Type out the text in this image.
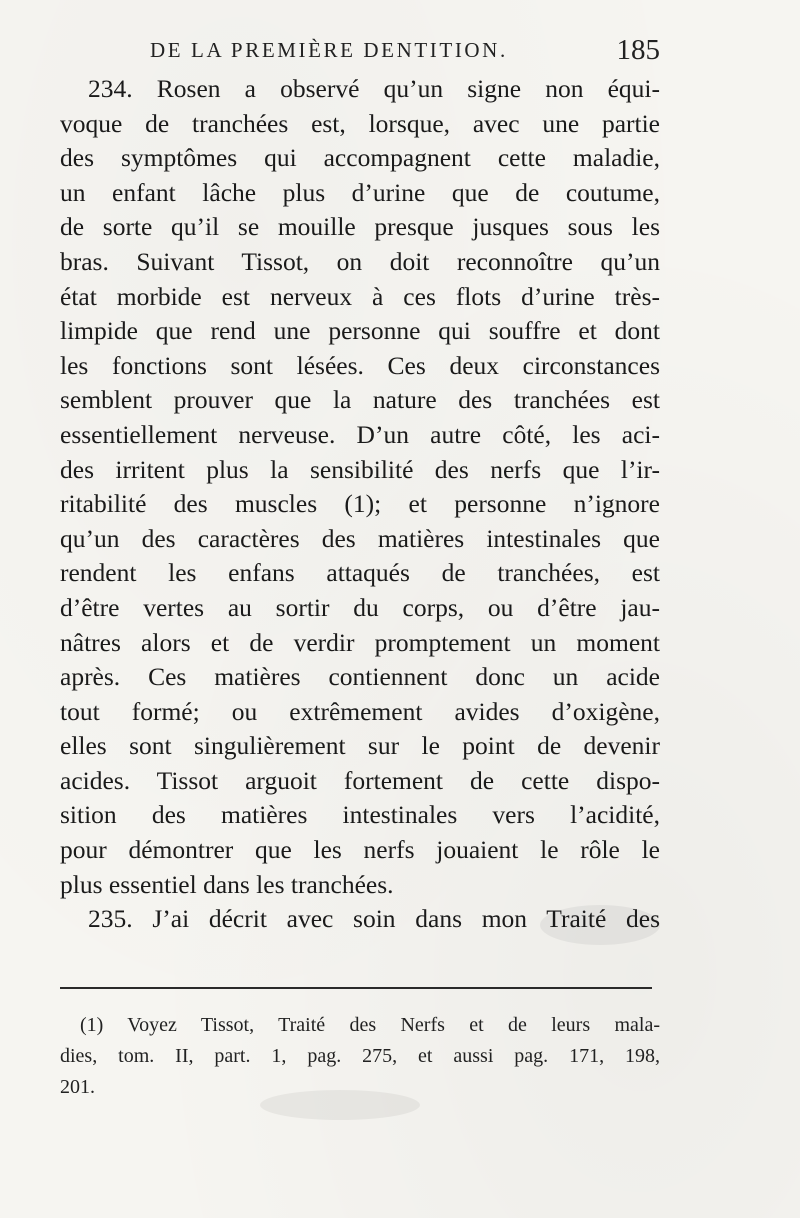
DE LA PREMIÈRE DENTITION.	185
234. Rosen a observé qu’un signe non équi-
voque de tranchées est, lorsque, avec une partie
des symptômes qui accompagnent cette maladie,
un enfant lâche plus d’urine que de coutume,
de sorte qu’il se mouille presque jusques sous les
bras. Suivant Tissot, on doit reconnoître qu’un
état morbide est nerveux à ces flots d’urine très-
limpide que rend une personne qui souffre et dont
les fonctions sont lésées. Ces deux circonstances
semblent prouver que la nature des tranchées est
essentiellement nerveuse. D’un autre côté, les aci-
des irritent plus la sensibilité des nerfs que l’ir-
ritabilité des muscles (1); et personne n’ignore
qu’un des caractères des matières intestinales que
rendent les enfans attaqués de tranchées, est
d’être vertes au sortir du corps, ou d’être jau-
nâtres alors et de verdir promptement un moment
après. Ces matières contiennent donc un acide
tout formé; ou extrêmement avides d’oxigène,
elles sont singulièrement sur le point de devenir
acides. Tissot arguoit fortement de cette dispo-
sition des matières intestinales vers l’acidité,
pour démontrer que les nerfs jouaient le rôle le
plus essentiel dans les tranchées.
235. J’ai décrit avec soin dans mon Traité des
(1) Voyez Tissot, Traité des Nerfs et de leurs mala-
dies, tom. II, part. 1, pag. 275, et aussi pag. 171, 198,
201.
